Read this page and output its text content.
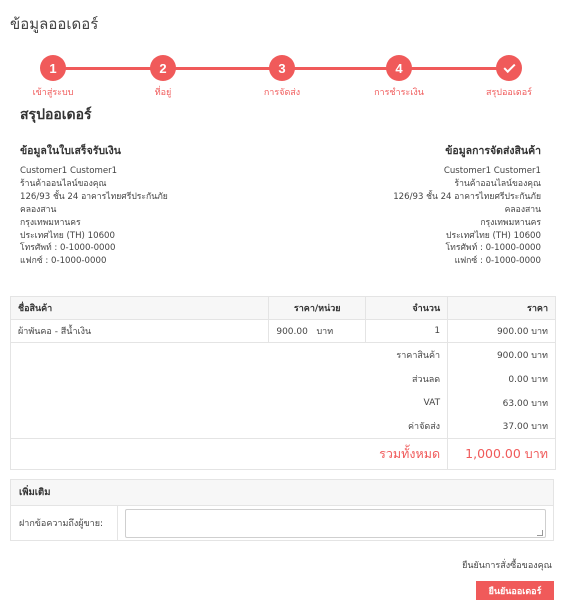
ข้อมูลออเดอร์
1
เข้าสู่ระบบ
2
ที่อยู่
3
การจัดส่ง
4
การชำระเงิน	สรุปออเดอร์
สรุปออเดอร์
ข้อมูลในใบเสร็จรับเงิน
Customer1 Customer1
ร้านค้าออนไลน์ของคุณ
126/93 ชั้น 24 อาคารไทยศรีประกันภัย
คลองสาน
กรุงเทพมหานคร
ประเทศไทย (TH) 10600
โทรศัพท์ : 0-1000-0000
แฟกซ์ : 0-1000-0000
ข้อมูลการจัดส่งสินค้า
Customer1 Customer1
ร้านค้าออนไลน์ของคุณ
126/93 ชั้น 24 อาคารไทยศรีประกันภัย
คลองสาน
กรุงเทพมหานคร
ประเทศไทย (TH) 10600
โทรศัพท์ : 0-1000-0000
แฟกซ์ : 0-1000-0000
ชื่อสินค้า	ราคา/หน่วย	จำนวน	ราคา
ผ้าพันคอ - สีน้ำเงิน	900.00 บาท	1	900.00 บาท
		ราคาสินค้า	900.00 บาท
		ส่วนลด	0.00 บาท
		VAT	63.00 บาท
		ค่าจัดส่ง	37.00 บาท
		รวมทั้งหมด	1,000.00 บาท
เพิ่มเติม
ฝากข้อความถึงผู้ขาย:
ยืนยันการสั่งซื้อของคุณ
ยืนยันออเดอร์
